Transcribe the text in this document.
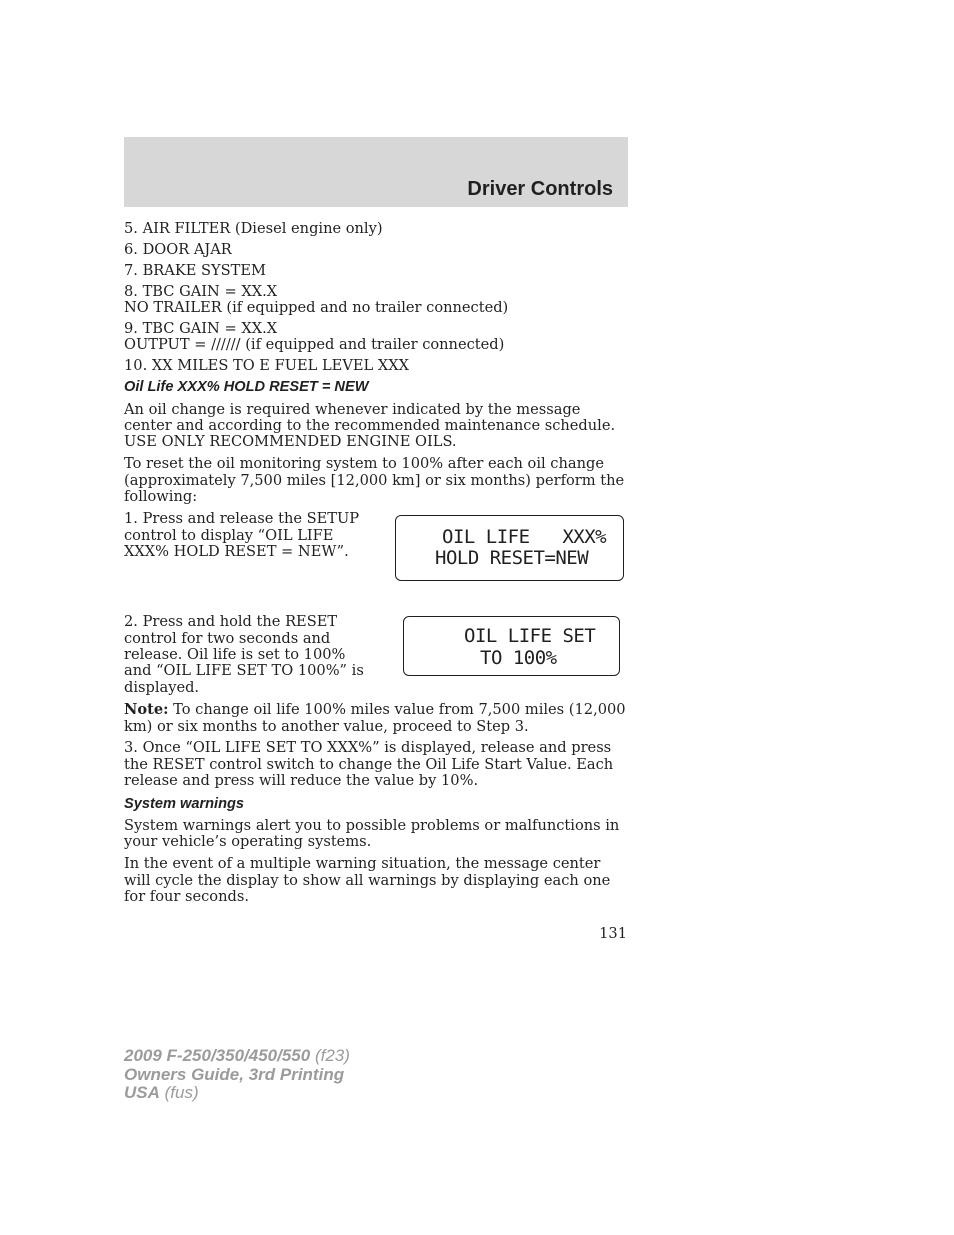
Driver Controls
5. AIR FILTER (Diesel engine only)
6. DOOR AJAR
7. BRAKE SYSTEM
8. TBC GAIN = XX.X
NO TRAILER (if equipped and no trailer connected)
9. TBC GAIN = XX.X
OUTPUT = ////// (if equipped and trailer connected)
10. XX MILES TO E FUEL LEVEL XXX
Oil Life XXX% HOLD RESET = NEW
An oil change is required whenever indicated by the message center and according to the recommended maintenance schedule. USE ONLY RECOMMENDED ENGINE OILS.
To reset the oil monitoring system to 100% after each oil change (approximately 7,500 miles [12,000 km] or six months) perform the following:
1. Press and release the SETUP control to display “OIL LIFE XXX% HOLD RESET = NEW”.
OIL LIFE   XXX%
HOLD RESET=NEW
2. Press and hold the RESET control for two seconds and release. Oil life is set to 100% and “OIL LIFE SET TO 100%” is displayed.
OIL LIFE SET
TO 100%
Note: To change oil life 100% miles value from 7,500 miles (12,000 km) or six months to another value, proceed to Step 3.
3. Once “OIL LIFE SET TO XXX%” is displayed, release and press the RESET control switch to change the Oil Life Start Value. Each release and press will reduce the value by 10%.
System warnings
System warnings alert you to possible problems or malfunctions in your vehicle’s operating systems.
In the event of a multiple warning situation, the message center will cycle the display to show all warnings by displaying each one for four seconds.
131
2009 F-250/350/450/550 (f23)
Owners Guide, 3rd Printing
USA (fus)
